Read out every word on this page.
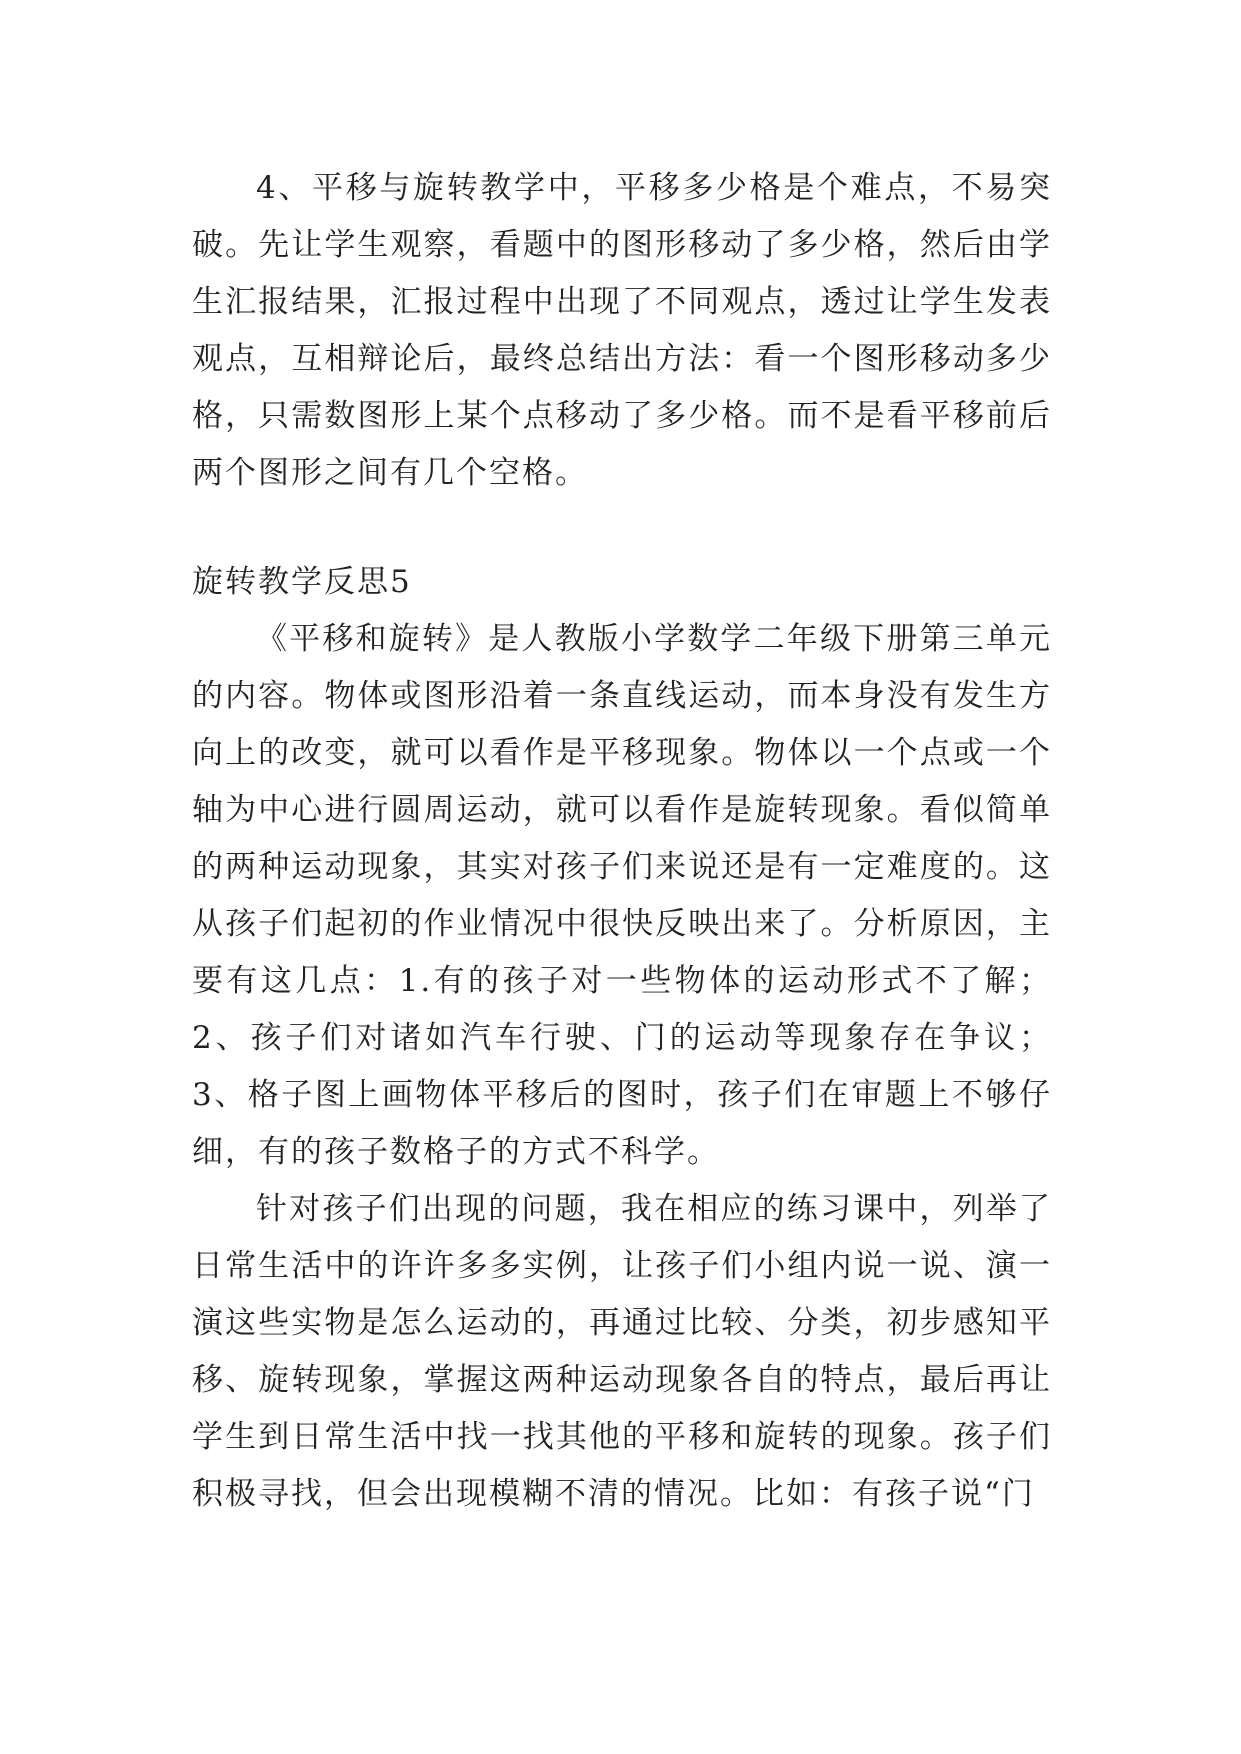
4、平移与旋转教学中，平移多少格是个难点，不易突破。先让学生观察，看题中的图形移动了多少格，然后由学生汇报结果，汇报过程中出现了不同观点，透过让学生发表观点，互相辩论后，最终总结出方法：看一个图形移动多少格，只需数图形上某个点移动了多少格。而不是看平移前后两个图形之间有几个空格。

旋转教学反思5

《平移和旋转》是人教版小学数学二年级下册第三单元的内容。物体或图形沿着一条直线运动，而本身没有发生方向上的改变，就可以看作是平移现象。物体以一个点或一个轴为中心进行圆周运动，就可以看作是旋转现象。看似简单的两种运动现象，其实对孩子们来说还是有一定难度的。这从孩子们起初的作业情况中很快反映出来了。分析原因，主要有这几点：1.有的孩子对一些物体的运动形式不了解；2、孩子们对诸如汽车行驶、门的运动等现象存在争议；3、格子图上画物体平移后的图时，孩子们在审题上不够仔细，有的孩子数格子的方式不科学。

针对孩子们出现的问题，我在相应的练习课中，列举了日常生活中的许许多多实例，让孩子们小组内说一说、演一演这些实物是怎么运动的，再通过比较、分类，初步感知平移、旋转现象，掌握这两种运动现象各自的特点，最后再让学生到日常生活中找一找其他的平移和旋转的现象。孩子们积极寻找，但会出现模糊不清的情况。比如：有孩子说“门
